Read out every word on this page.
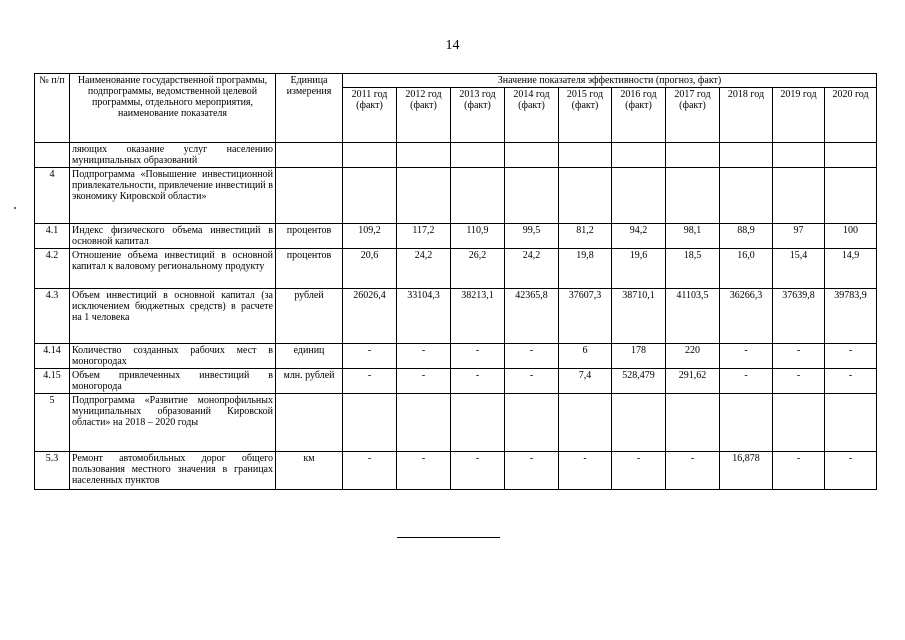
14
№ п/п	Наименование государственной программы, подпрограммы, ведомственной целевой программы, отдельного мероприятия, наименование показателя	Единица измерения	Значение показателя эффективности (прогноз, факт)									
			2011 год (факт)	2012 год (факт)	2013 год (факт)	2014 год (факт)	2015 год (факт)	2016 год (факт)	2017 год (факт)	2018 год	2019 год	2020 год
	ляющих оказание услуг населению муниципальных образований											
4	Подпрограмма «Повышение инвестиционной привлекательности, привлечение инвестиций в экономику Кировской области»											
4.1	Индекс физического объема инвестиций в основной капитал	процентов	109,2	117,2	110,9	99,5	81,2	94,2	98,1	88,9	97	100
4.2	Отношение объема инвестиций в основной капитал к валовому региональному продукту	процентов	20,6	24,2	26,2	24,2	19,8	19,6	18,5	16,0	15,4	14,9
4.3	Объем инвестиций в основной капитал (за исключением бюджетных средств) в расчете на 1 человека	рублей	26026,4	33104,3	38213,1	42365,8	37607,3	38710,1	41103,5	36266,3	37639,8	39783,9
4.14	Количество созданных рабочих мест в моногородах	единиц	-	-	-	-	6	178	220	-	-	-
4.15	Объем привлеченных инвестиций в моногорода	млн. рублей	-	-	-	-	7,4	528,479	291,62	-	-	-
5	Подпрограмма «Развитие монопрофильных муниципальных образований Кировской области» на 2018 – 2020 годы											
5.3	Ремонт автомобильных дорог общего пользования местного значения в границах населенных пунктов	км	-	-	-	-	-	-	-	16,878	-	-
